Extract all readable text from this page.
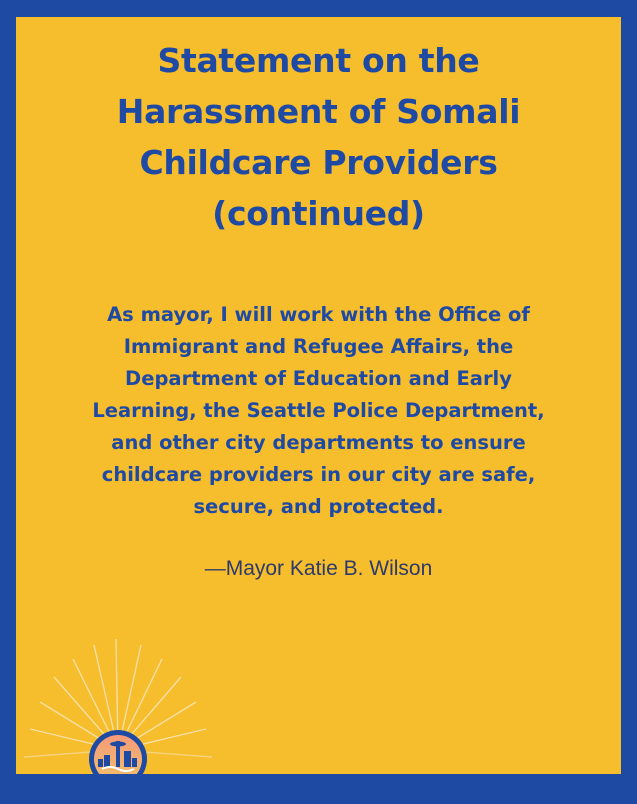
Statement on the
Harassment of Somali
Childcare Providers
(continued)

As mayor, I will work with the Office of
Immigrant and Refugee Affairs, the
Department of Education and Early
Learning, the Seattle Police Department,
and other city departments to ensure
childcare providers in our city are safe,
secure, and protected.

—Mayor Katie B. Wilson
